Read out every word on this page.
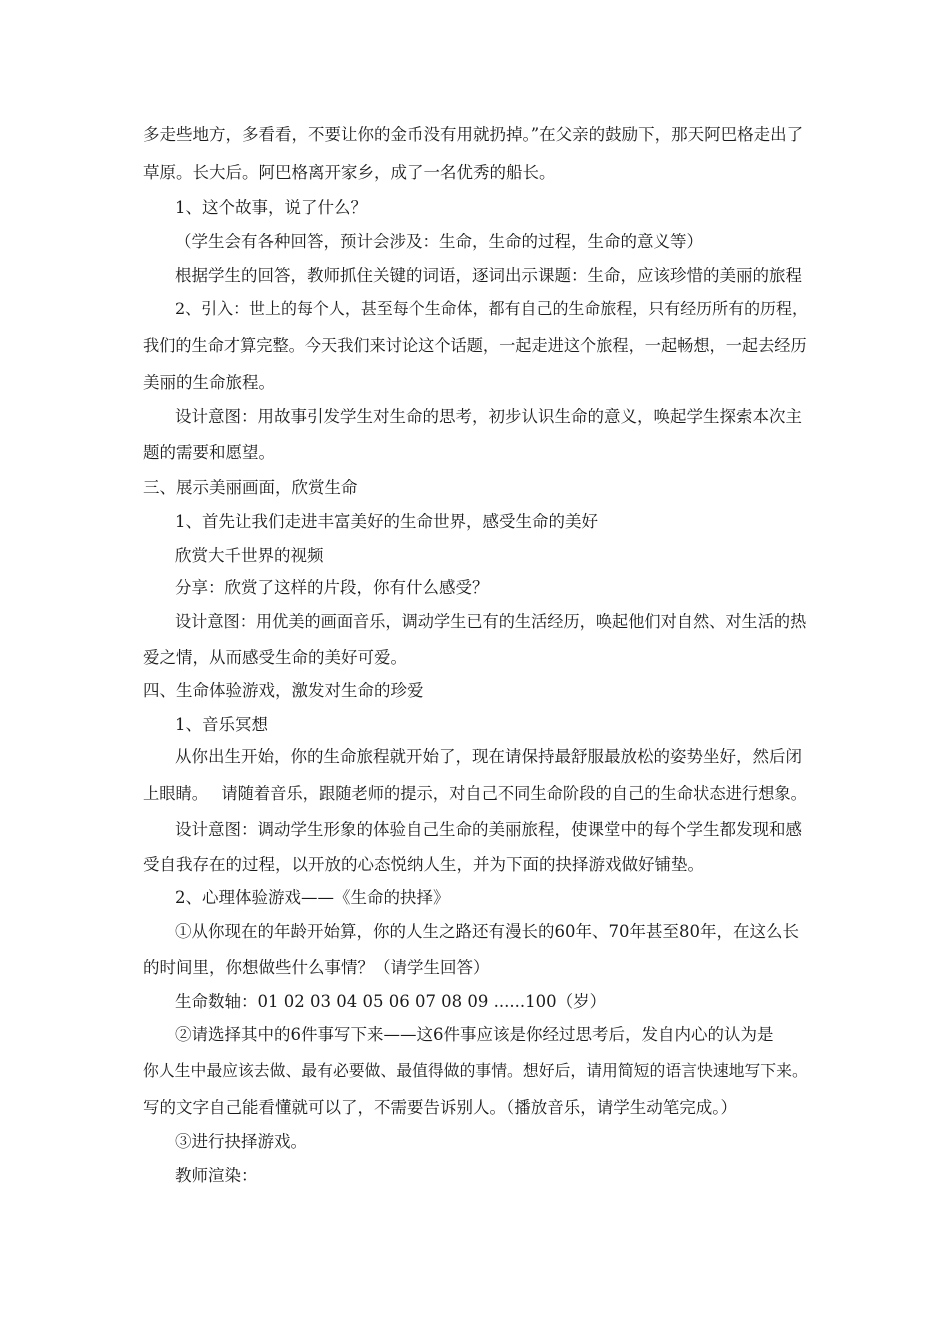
多走些地方，多看看，不要让你的金币没有用就扔掉。”在父亲的鼓励下，那天阿巴格走出了
草原。长大后。阿巴格离开家乡，成了一名优秀的船长。
1、这个故事，说了什么？
（学生会有各种回答，预计会涉及：生命，生命的过程，生命的意义等）
根据学生的回答，教师抓住关键的词语，逐词出示课题：生命，应该珍惜的美丽的旅程
2、引入：世上的每个人，甚至每个生命体，都有自己的生命旅程，只有经历所有的历程，
我们的生命才算完整。今天我们来讨论这个话题，一起走进这个旅程，一起畅想，一起去经历
美丽的生命旅程。
设计意图：用故事引发学生对生命的思考，初步认识生命的意义，唤起学生探索本次主
题的需要和愿望。
三、展示美丽画面，欣赏生命
1、首先让我们走进丰富美好的生命世界，感受生命的美好
欣赏大千世界的视频
分享：欣赏了这样的片段，你有什么感受？
设计意图：用优美的画面音乐，调动学生已有的生活经历，唤起他们对自然、对生活的热
爱之情，从而感受生命的美好可爱。
四、生命体验游戏，激发对生命的珍爱
1、音乐冥想
从你出生开始，你的生命旅程就开始了，现在请保持最舒服最放松的姿势坐好，然后闭
上眼睛。　 请随着音乐，跟随老师的提示，对自己不同生命阶段的自己的生命状态进行想象。
设计意图：调动学生形象的体验自己生命的美丽旅程，使课堂中的每个学生都发现和感
受自我存在的过程，以开放的心态悦纳人生，并为下面的抉择游戏做好铺垫。
2、心理体验游戏——《生命的抉择》
①从你现在的年龄开始算，你的人生之路还有漫长的60年、70年甚至80年，在这么长
的时间里，你想做些什么事情？（请学生回答）
生命数轴：01 02 03 04 05 06 07 08 09 ......100（岁）
②请选择其中的6件事写下来——这6件事应该是你经过思考后，发自内心的认为是
你人生中最应该去做、最有必要做、最值得做的事情。想好后，请用简短的语言快速地写下来。
写的文字自己能看懂就可以了，不需要告诉别人。（播放音乐，请学生动笔完成。）
③进行抉择游戏。
教师渲染：
